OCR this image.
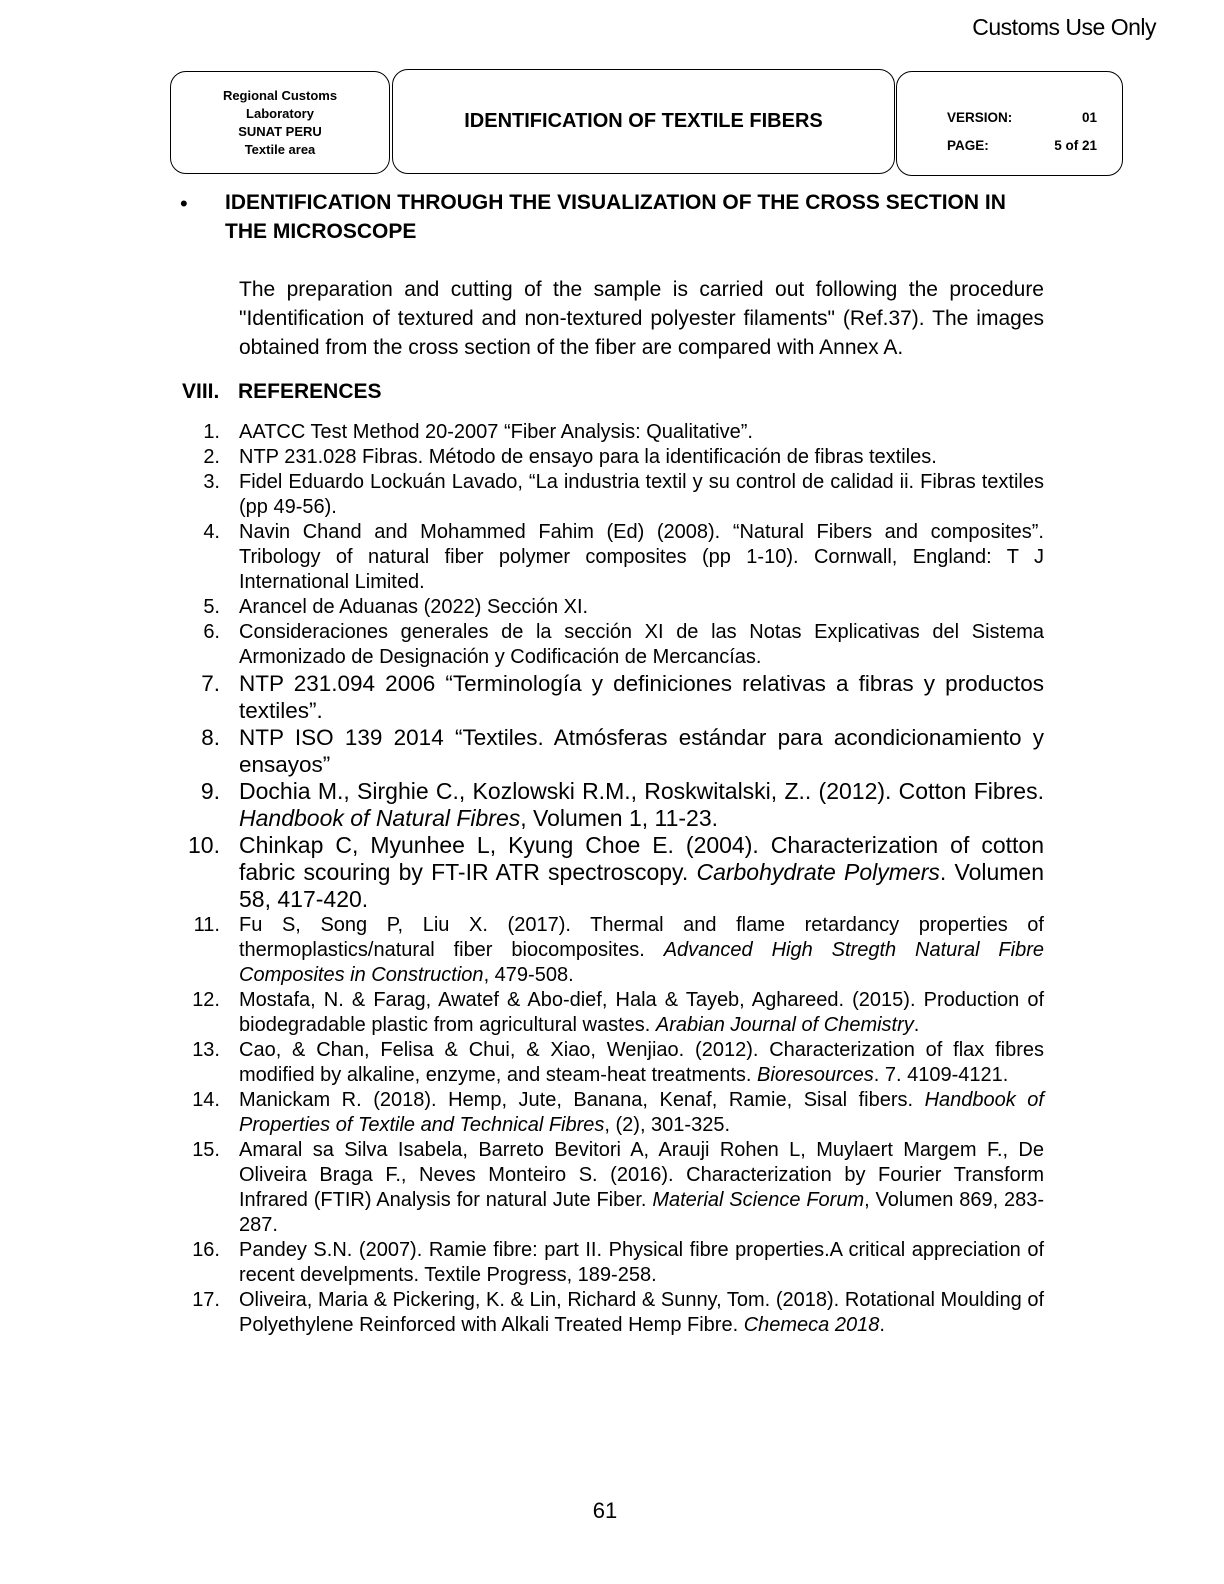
Customs Use Only
Regional Customs
Laboratory
SUNAT PERU
Textile area
IDENTIFICATION OF TEXTILE FIBERS	VERSION:	01
PAGE:	5 of 21
• IDENTIFICATION THROUGH THE VISUALIZATION OF THE CROSS SECTION IN THE MICROSCOPE

The preparation and cutting of the sample is carried out following the procedure "Identification of textured and non-textured polyester filaments" (Ref.37). The images obtained from the cross section of the fiber are compared with Annex A.

VIII. REFERENCES
1. AATCC Test Method 20-2007 “Fiber Analysis: Qualitative”.
2. NTP 231.028 Fibras. Método de ensayo para la identificación de fibras textiles.
3. Fidel Eduardo Lockuán Lavado, “La industria textil y su control de calidad ii. Fibras textiles (pp 49-56).
4. Navin Chand and Mohammed Fahim (Ed) (2008). “Natural Fibers and composites”. Tribology of natural fiber polymer composites (pp 1-10). Cornwall, England: T J International Limited.
5. Arancel de Aduanas (2022) Sección XI.
6. Consideraciones generales de la sección XI de las Notas Explicativas del Sistema Armonizado de Designación y Codificación de Mercancías.
7. NTP 231.094 2006 “Terminología y definiciones relativas a fibras y productos textiles”.
8. NTP ISO 139 2014 “Textiles. Atmósferas estándar para acondicionamiento y ensayos”
9. Dochia M., Sirghie C., Kozlowski R.M., Roskwitalski, Z.. (2012). Cotton Fibres. Handbook of Natural Fibres, Volumen 1, 11-23.
10. Chinkap C, Myunhee L, Kyung Choe E. (2004). Characterization of cotton fabric scouring by FT-IR ATR spectroscopy. Carbohydrate Polymers. Volumen 58, 417-420.
11. Fu S, Song P, Liu X. (2017). Thermal and flame retardancy properties of thermoplastics/natural fiber biocomposites. Advanced High Stregth Natural Fibre Composites in Construction, 479-508.
12. Mostafa, N. & Farag, Awatef & Abo-dief, Hala & Tayeb, Aghareed. (2015). Production of biodegradable plastic from agricultural wastes. Arabian Journal of Chemistry.
13. Cao, & Chan, Felisa & Chui, & Xiao, Wenjiao. (2012). Characterization of flax fibres modified by alkaline, enzyme, and steam-heat treatments. Bioresources. 7. 4109-4121.
14. Manickam R. (2018). Hemp, Jute, Banana, Kenaf, Ramie, Sisal fibers. Handbook of Properties of Textile and Technical Fibres, (2), 301-325.
15. Amaral sa Silva Isabela, Barreto Bevitori A, Arauji Rohen L, Muylaert Margem F., De Oliveira Braga F., Neves Monteiro S. (2016). Characterization by Fourier Transform Infrared (FTIR) Analysis for natural Jute Fiber. Material Science Forum, Volumen 869, 283-287.
16. Pandey S.N. (2007). Ramie fibre: part II. Physical fibre properties.A critical appreciation of recent develpments. Textile Progress, 189-258.
17. Oliveira, Maria & Pickering, K. & Lin, Richard & Sunny, Tom. (2018). Rotational Moulding of Polyethylene Reinforced with Alkali Treated Hemp Fibre. Chemeca 2018.
61
